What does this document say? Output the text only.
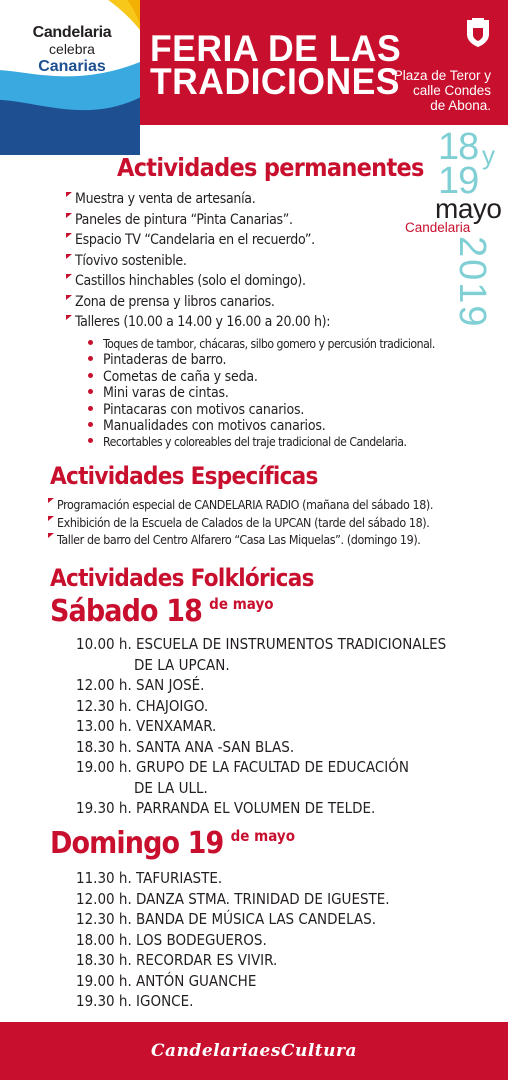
Candelaria
celebra
Canarias	FERIA DE LAS
TRADICIONES
Plaza de Teror y
calle Condes
de Abona.
18 y
19
mayo
Candelaria
2019
Actividades permanentes
Muestra y venta de artesanía.
Paneles de pintura “Pinta Canarias”.
Espacio TV “Candelaria en el recuerdo”.
Tíovivo sostenible.
Castillos hinchables (solo el domingo).
Zona de prensa y libros canarios.
Talleres (10.00 a 14.00 y 16.00 a 20.00 h):
Toques de tambor, chácaras, silbo gomero y percusión tradicional.
Pintaderas de barro.
Cometas de caña y seda.
Mini varas de cintas.
Pintacaras con motivos canarios.
Manualidades con motivos canarios.
Recortables y coloreables del traje tradicional de Candelaria.
Actividades Específicas
Programación especial de CANDELARIA RADIO (mañana del sábado 18).
Exhibición de la Escuela de Calados de la UPCAN (tarde del sábado 18).
Taller de barro del Centro Alfarero “Casa Las Miquelas”. (domingo 19).
Actividades Folklóricas
Sábado 18 $^{de mayo}$
10.00 h. ESCUELA DE INSTRUMENTOS TRADICIONALES
DE LA UPCAN.
12.00 h. SAN JOSÉ.
12.30 h. CHAJOIGO.
13.00 h. VENXAMAR.
18.30 h. SANTA ANA -SAN BLAS.
19.00 h. GRUPO DE LA FACULTAD DE EDUCACIÓN
DE LA ULL.
19.30 h. PARRANDA EL VOLUMEN DE TELDE.
Domingo 19 $^{de mayo}$
11.30 h. TAFURIASTE.
12.00 h. DANZA STMA. TRINIDAD DE IGUESTE.
12.30 h. BANDA DE MÚSICA LAS CANDELAS.
18.00 h. LOS BODEGUEROS.
18.30 h. RECORDAR ES VIVIR.
19.00 h. ANTÓN GUANCHE
19.30 h. IGONCE.
CandelariaesCultura
